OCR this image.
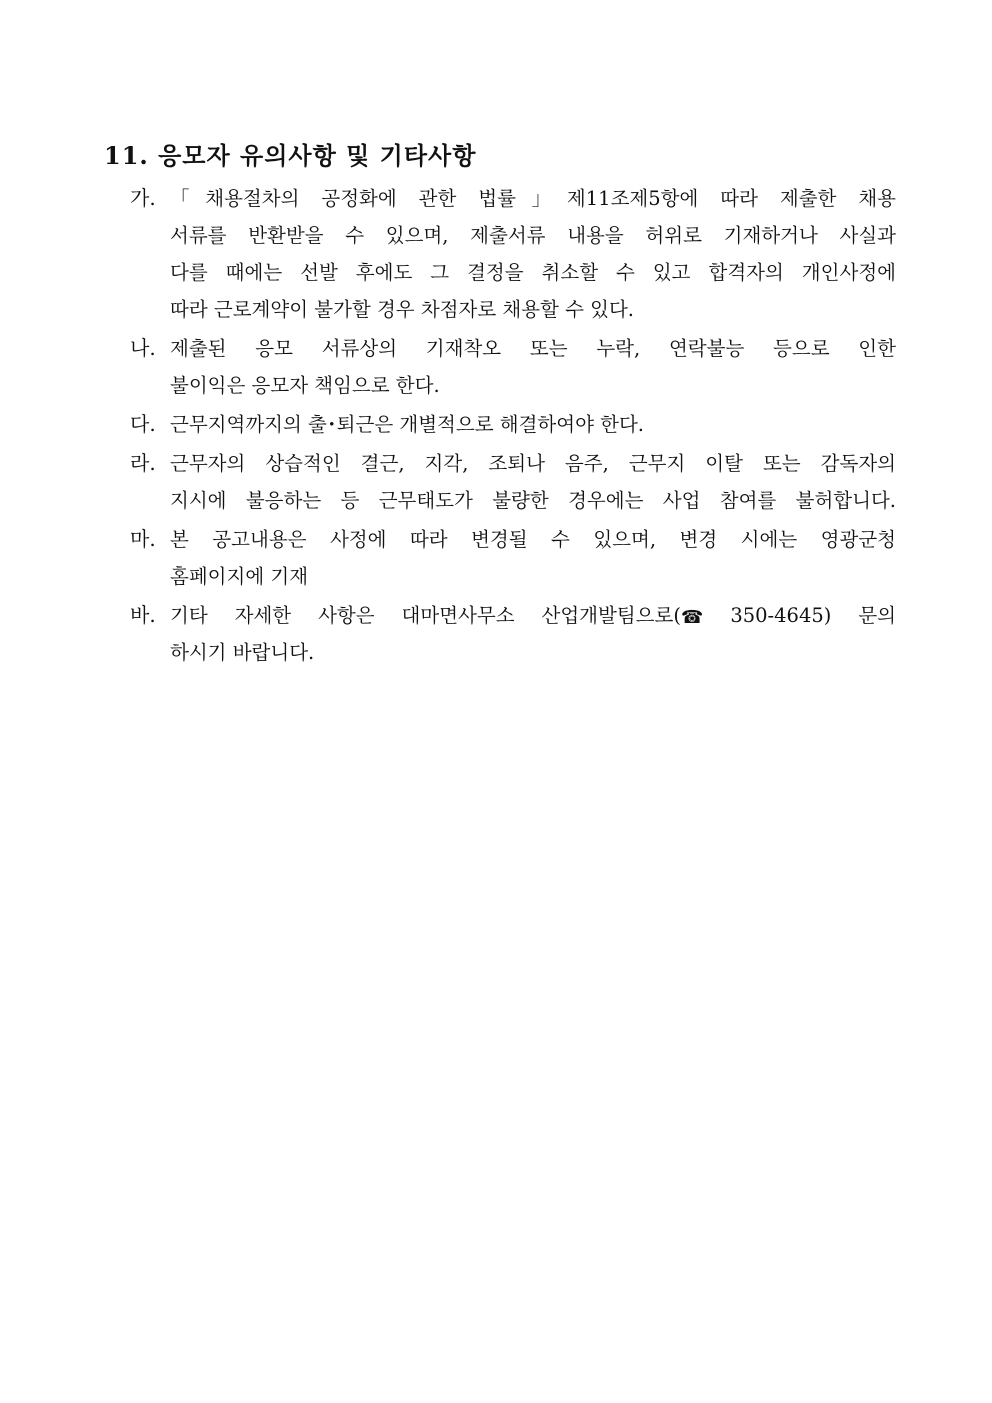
11. 응모자 유의사항 및 기타사항
가. 「채용절차의 공정화에 관한 법률」제11조제5항에 따라 제출한 채용
서류를 반환받을 수 있으며, 제출서류 내용을 허위로 기재하거나 사실과
다를 때에는 선발 후에도 그 결정을 취소할 수 있고 합격자의 개인사정에
따라 근로계약이 불가할 경우 차점자로 채용할 수 있다.
나. 제출된 응모 서류상의 기재착오 또는 누락, 연락불능 등으로 인한
불이익은 응모자 책임으로 한다.
다. 근무지역까지의 출･퇴근은 개별적으로 해결하여야 한다.
라. 근무자의 상습적인 결근, 지각, 조퇴나 음주, 근무지 이탈 또는 감독자의
지시에 불응하는 등 근무태도가 불량한 경우에는 사업 참여를 불허합니다.
마. 본 공고내용은 사정에 따라 변경될 수 있으며, 변경 시에는 영광군청
홈페이지에 기재
바. 기타 자세한 사항은 대마면사무소 산업개발팀으로(☎ 350-4645) 문의
하시기 바랍니다.
